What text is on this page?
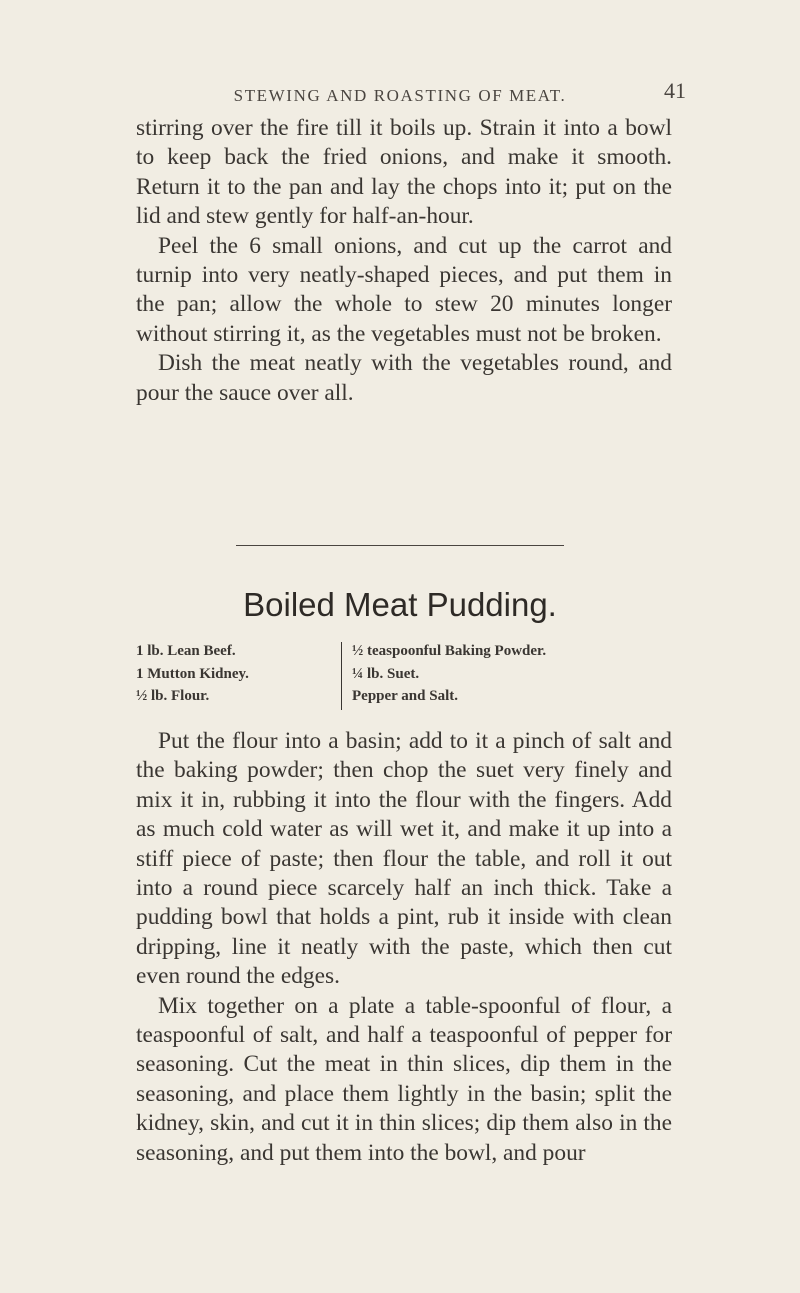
STEWING AND ROASTING OF MEAT.	41

stirring over the fire till it boils up. Strain it into a bowl to keep back the fried onions, and make it smooth. Return it to the pan and lay the chops into it; put on the lid and stew gently for half-an-hour.

Peel the 6 small onions, and cut up the carrot and turnip into very neatly-shaped pieces, and put them in the pan; allow the whole to stew 20 minutes longer without stirring it, as the vegetables must not be broken.

Dish the meat neatly with the vegetables round, and pour the sauce over all.

Boiled Meat Pudding.
1 lb. Lean Beef.
1 Mutton Kidney.
½ lb. Flour.
½ teaspoonful Baking Powder.
¼ lb. Suet.
Pepper and Salt.

Put the flour into a basin; add to it a pinch of salt and the baking powder; then chop the suet very finely and mix it in, rubbing it into the flour with the fingers. Add as much cold water as will wet it, and make it up into a stiff piece of paste; then flour the table, and roll it out into a round piece scarcely half an inch thick. Take a pudding bowl that holds a pint, rub it inside with clean dripping, line it neatly with the paste, which then cut even round the edges.

Mix together on a plate a table-spoonful of flour, a teaspoonful of salt, and half a teaspoonful of pepper for seasoning. Cut the meat in thin slices, dip them in the seasoning, and place them lightly in the basin; split the kidney, skin, and cut it in thin slices; dip them also in the seasoning, and put them into the bowl, and pour
